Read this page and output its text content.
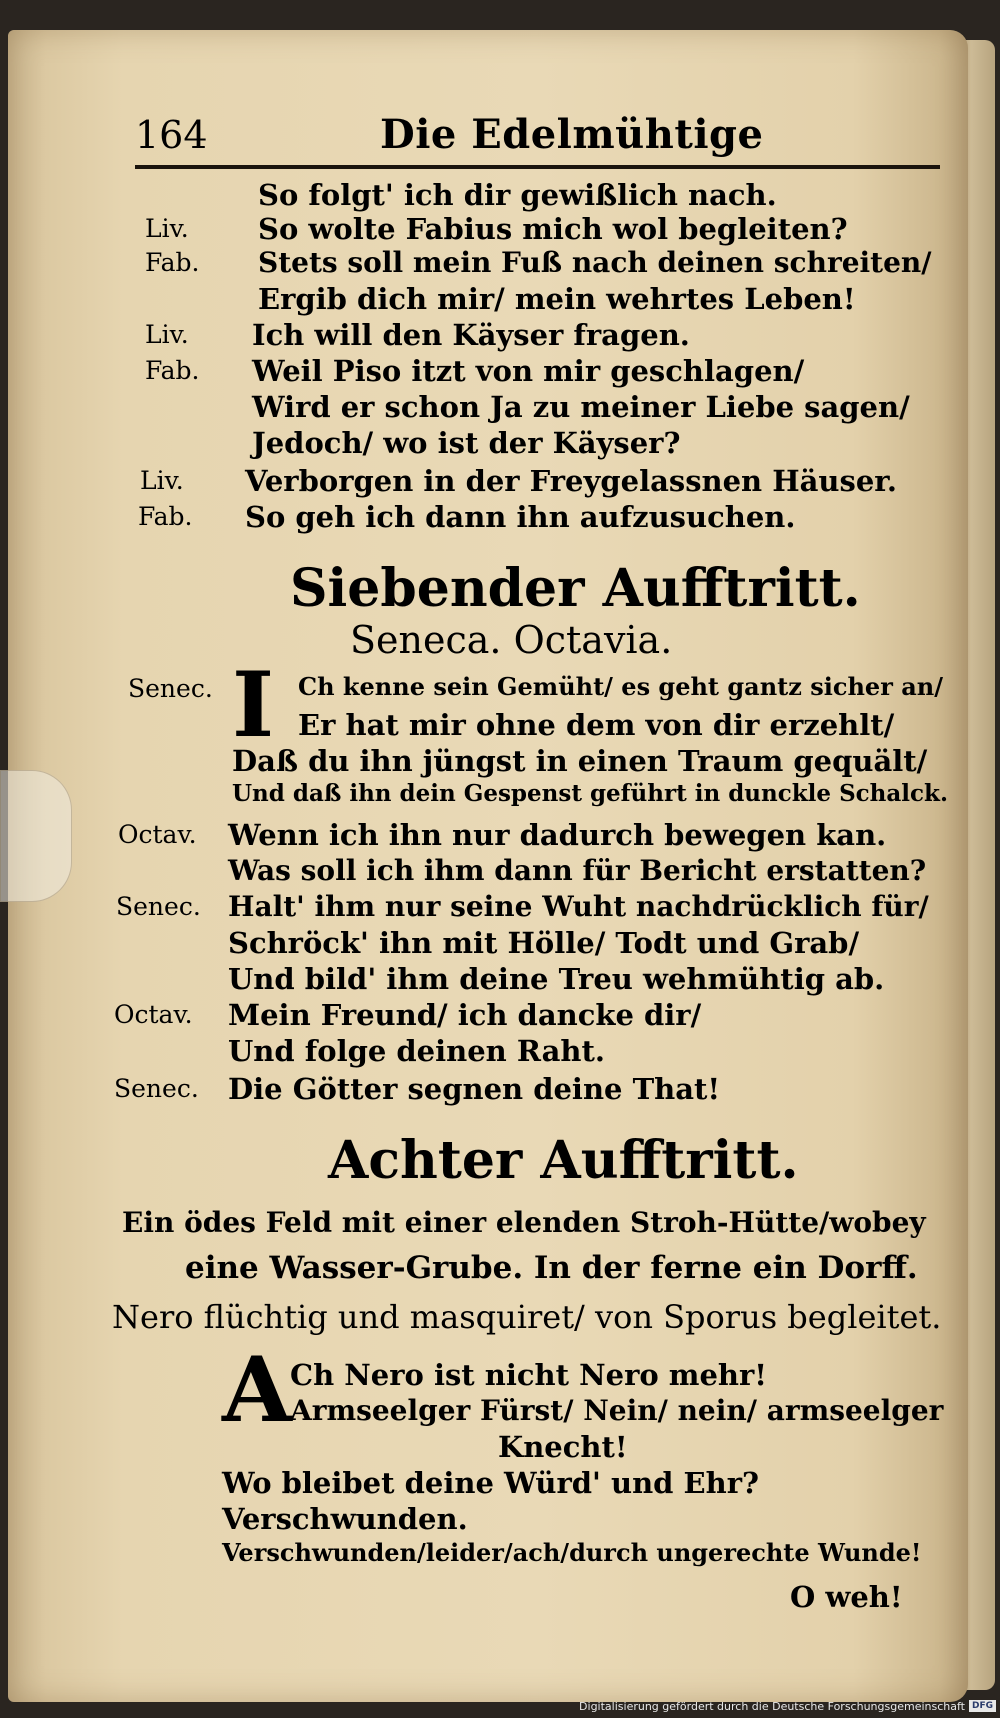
164	Die Edelmühtige
So folgt' ich dir gewißlich nach.
Liv. So wolte Fabius mich wol begleiten?
Fab. Stets soll mein Fuß nach deinen schreiten/
Ergib dich mir/ mein wehrtes Leben!
Liv. Ich will den Käyser fragen.
Fab. Weil Piso itzt von mir geschlagen/
Wird er schon Ja zu meiner Liebe sagen/
Jedoch/ wo ist der Käyser?
Liv. Verborgen in der Freygelassnen Häuser.
Fab. So geh ich dann ihn aufzusuchen.
Siebender Aufftritt.
Seneca. Octavia.
I
Senec.	Ch kenne sein Gemüht/ es geht gantz sicher an/
Er hat mir ohne dem von dir erzehlt/
Daß du ihn jüngst in einen Traum gequält/
Und daß ihn dein Gespenst geführt in dunckle Schalck.
Octav. Wenn ich ihn nur dadurch bewegen kan.
Was soll ich ihm dann für Bericht erstatten?
Senec. Halt' ihm nur seine Wuht nachdrücklich für/
Schröck' ihn mit Hölle/ Todt und Grab/
Und bild' ihm deine Treu wehmühtig ab.
Octav. Mein Freund/ ich dancke dir/
Und folge deinen Raht.
Senec. Die Götter segnen deine That!
Achter Aufftritt.
Ein ödes Feld mit einer elenden Stroh-Hütte/wobey
eine Wasser-Grube. In der ferne ein Dorff.
Nero flüchtig und masquiret/ von Sporus begleitet.
A
Ch Nero ist nicht Nero mehr!
Armseelger Fürst/ Nein/ nein/ armseelger
Knecht!
Wo bleibet deine Würd' und Ehr?
Verschwunden.
Verschwunden/leider/ach/durch ungerechte Wunde!
O weh!
Digitalisierung gefördert durch die Deutsche Forschungsgemeinschaft DFG
